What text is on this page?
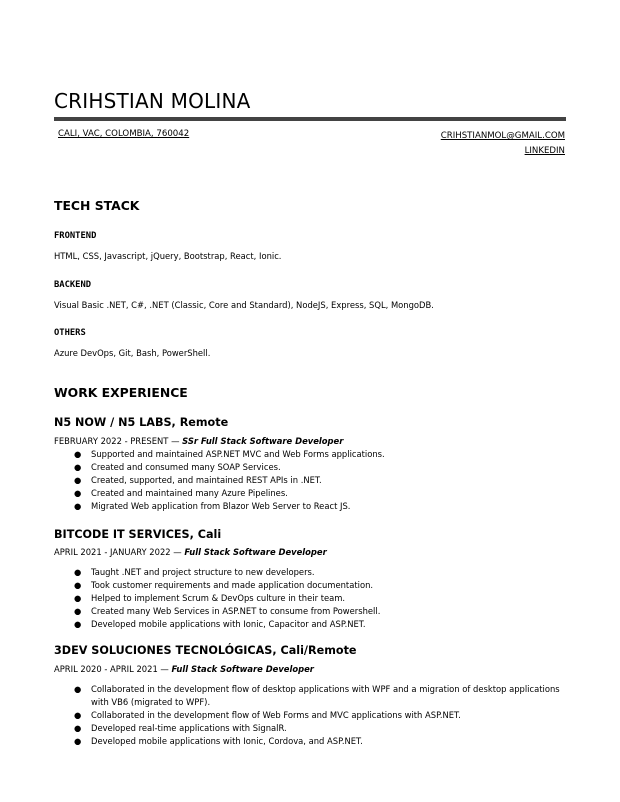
CRIHSTIAN MOLINA
CALI, VAC, COLOMBIA, 760042	CRIHSTIANMOL@GMAIL.COM
LINKEDIN
TECH STACK
FRONTEND
HTML, CSS, Javascript, jQuery, Bootstrap, React, Ionic.
BACKEND
Visual Basic .NET, C#, .NET (Classic, Core and Standard), NodeJS, Express, SQL, MongoDB.
OTHERS
Azure DevOps, Git, Bash, PowerShell.
WORK EXPERIENCE
N5 NOW / N5 LABS, Remote
FEBRUARY 2022 - PRESENT — SSr Full Stack Software Developer
● Supported and maintained ASP.NET MVC and Web Forms applications.
● Created and consumed many SOAP Services.
● Created, supported, and maintained REST APIs in .NET.
● Created and maintained many Azure Pipelines.
● Migrated Web application from Blazor Web Server to React JS.
BITCODE IT SERVICES, Cali
APRIL 2021 - JANUARY 2022 — Full Stack Software Developer
● Taught .NET and project structure to new developers.
● Took customer requirements and made application documentation.
● Helped to implement Scrum & DevOps culture in their team.
● Created many Web Services in ASP.NET to consume from Powershell.
● Developed mobile applications with Ionic, Capacitor and ASP.NET.
3DEV SOLUCIONES TECNOLÓGICAS, Cali/Remote
APRIL 2020 - APRIL 2021 — Full Stack Software Developer
● Collaborated in the development flow of desktop applications with WPF and a migration of desktop applications with VB6 (migrated to WPF).
● Collaborated in the development flow of Web Forms and MVC applications with ASP.NET.
● Developed real-time applications with SignalR.
● Developed mobile applications with Ionic, Cordova, and ASP.NET.
